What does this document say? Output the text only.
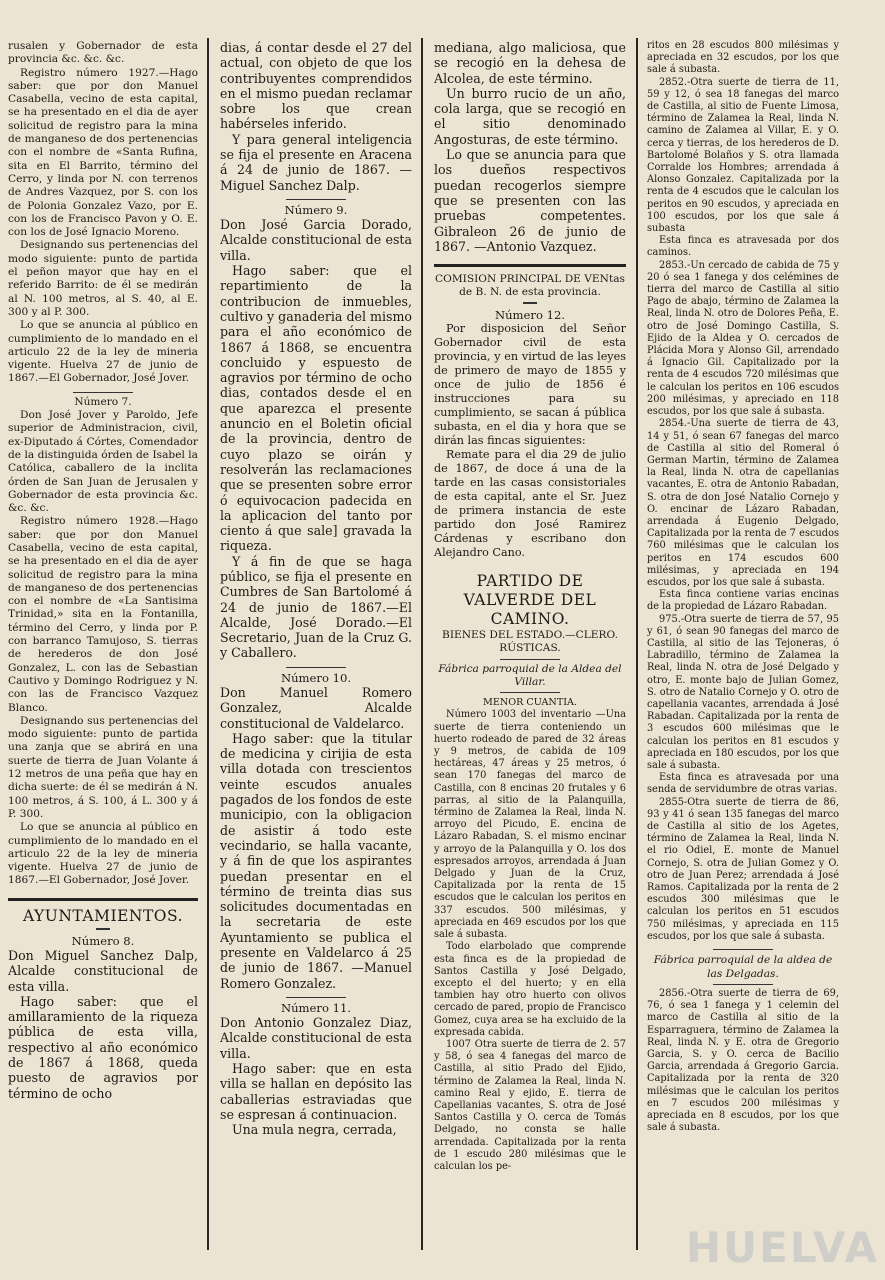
rusalen y Gobernador de esta provincia &c. &c. &c.

Registro número 1927.—Hago saber: que por don Manuel Casabella, vecino de esta capital, se ha presentado en el dia de ayer solicitud de registro para la mina de manganeso de dos pertenencias con el nombre de «Santa Rufina, sita en El Barrito, término del Cerro, y linda por N. con terrenos de Andres Vazquez, por S. con los de Polonia Gonzalez Vazo, por E. con los de Francisco Pavon y O. E. con los de José Ignacio Moreno.

Designando sus pertenencias del modo siguiente: punto de partida el peñon mayor que hay en el referido Barrito: de él se medirán al N. 100 metros, al S. 40, al E. 300 y al P. 300.

Lo que se anuncia al público en cumplimiento de lo mandado en el articulo 22 de la ley de mineria vigente. Huelva 27 de junio de 1867.—El Gobernador, José Jover.

Número 7.

Don José Jover y Paroldo, Jefe superior de Administracion, civil, ex-Diputado á Córtes, Comendador de la distinguida órden de Isabel la Católica, caballero de la inclita órden de San Juan de Jerusalen y Gobernador de esta provincia &c. &c. &c.

Registro número 1928.—Hago saber: que por don Manuel Casabella, vecino de esta capital, se ha presentado en el dia de ayer solicitud de registro para la mina de manganeso de dos pertenencias con el nombre de «La Santisima Trinidad,» sita en la Fontanilla, término del Cerro, y linda por P. con barranco Tamujoso, S. tierras de herederos de don José Gonzalez, L. con las de Sebastian Cautivo y Domingo Rodriguez y N. con las de Francisco Vazquez Blanco.

Designando sus pertenencias del modo siguiente: punto de partida una zanja que se abrirá en una suerte de tierra de Juan Volante á 12 metros de una peña que hay en dicha suerte: de él se medirán á N. 100 metros, á S. 100, á L. 300 y á P. 300.

Lo que se anuncia al público en cumplimiento de lo mandado en el articulo 22 de la ley de mineria vigente. Huelva 27 de junio de 1867.—El Gobernador, José Jover.

AYUNTAMIENTOS.

Número 8.

Don Miguel Sanchez Dalp, Alcalde constitucional de esta villa.

Hago saber: que el amillaramiento de la riqueza pública de esta villa, respectivo al año económico de 1867 á 1868, queda puesto de agravios por término de ocho

dias, á contar desde el 27 del actual, con objeto de que los contribuyentes comprendidos en el mismo puedan reclamar sobre los que crean habérseles inferido.

Y para general inteligencia se fija el presente en Aracena á 24 de junio de 1867. —Miguel Sanchez Dalp.

Número 9.

Don José Garcia Dorado, Alcalde constitucional de esta villa.

Hago saber: que el repartimiento de la contribucion de inmuebles, cultivo y ganaderia del mismo para el año económico de 1867 á 1868, se encuentra concluido y espuesto de agravios por término de ocho dias, contados desde el en que aparezca el presente anuncio en el Boletin oficial de la provincia, dentro de cuyo plazo se oirán y resolverán las reclamaciones que se presenten sobre error ó equivocacion padecida en la aplicacion del tanto por ciento á que sale] gravada la riqueza.

Y á fin de que se haga público, se fija el presente en Cumbres de San Bartolomé á 24 de junio de 1867.—El Alcalde, José Dorado.—El Secretario, Juan de la Cruz G. y Caballero.

Número 10.

Don Manuel Romero Gonzalez, Alcalde constitucional de Valdelarco.

Hago saber: que la titular de medicina y cirijia de esta villa dotada con trescientos veinte escudos anuales pagados de los fondos de este municipio, con la obligacion de asistir á todo este vecindario, se halla vacante, y á fin de que los aspirantes puedan presentar en el término de treinta dias sus solicitudes documentadas en la secretaria de este Ayuntamiento se publica el presente en Valdelarco á 25 de junio de 1867. —Manuel Romero Gonzalez.

Número 11.

Don Antonio Gonzalez Diaz, Alcalde constitucional de esta villa.

Hago saber: que en esta villa se hallan en depósito las caballerias estraviadas que se espresan á continuacion.

Una mula negra, cerrada,

mediana, algo maliciosa, que se recogió en la dehesa de Alcolea, de este término.

Un burro rucio de un año, cola larga, que se recogió en el sitio denominado Angosturas, de este término.

Lo que se anuncia para que los dueños respectivos puedan recogerlos siempre que se presenten con las pruebas competentes. Gibraleon 26 de junio de 1867. —Antonio Vazquez.

COMISION PRINCIPAL DE VENtas de B. N. de esta provincia.

Número 12.

Por disposicion del Señor Gobernador civil de esta provincia, y en virtud de las leyes de primero de mayo de 1855 y once de julio de 1856 é instrucciones para su cumplimiento, se sacan á pública subasta, en el dia y hora que se dirán las fincas siguientes:

Remate para el dia 29 de julio de 1867, de doce á una de la tarde en las casas consistoriales de esta capital, ante el Sr. Juez de primera instancia de este partido don José Ramirez Cárdenas y escribano don Alejandro Cano.

PARTIDO DE VALVERDE DEL CAMINO.

BIENES DEL ESTADO.—CLERO. RÚSTICAS.

Fábrica parroquial de la Aldea del Villar.

MENOR CUANTIA.

Número 1003 del inventario —Una suerte de tierra conteniendo un huerto rodeado de pared de 32 áreas y 9 metros, de cabida de 109 hectáreas, 47 áreas y 25 metros, ó sean 170 fanegas del marco de Castilla, con 8 encinas 20 frutales y 6 parras, al sitio de la Palanquilla, término de Zalamea la Real, linda N. arroyo del Picudo, E. encina de Lázaro Rabadan, S. el mismo encinar y arroyo de la Palanquilla y O. los dos espresados arroyos, arrendada á Juan Delgado y Juan de la Cruz, Capitalizada por la renta de 15 escudos que le calculan los peritos en 337 escudos. 500 milésimas, y apreciada en 469 escudos por los que sale á subasta.

Todo elarbolado que comprende esta finca es de la propiedad de Santos Castilla y José Delgado, excepto el del huerto; y en ella tambien hay otro huerto con olivos cercado de pared, propio de Francisco Gomez, cuya area se ha excluido de la expresada cabida.

1007 Otra suerte de tierra de 2. 57 y 58, ó sea 4 fanegas del marco de Castilla, al sitio Prado del Ejido, término de Zalamea la Real, linda N. camino Real y ejido, E. tierra de Capellanias vacantes, S. otra de José Santos Castilla y O. cerca de Tomás Delgado, no consta se halle arrendada. Capitalizada por la renta de 1 escudo 280 milésimas que le calculan los pe-

ritos en 28 escudos 800 milésimas y apreciada en 32 escudos, por los que sale á subasta.

2852.-Otra suerte de tierra de 11, 59 y 12, ó sea 18 fanegas del marco de Castilla, al sitio de Fuente Limosa, término de Zalamea la Real, linda N. camino de Zalamea al Villar, E. y O. cerca y tierras, de los herederos de D. Bartolomé Bolaños y S. otra llamada Corralde los Hombres; arrendada á Alonso Gonzalez. Capitalizada por la renta de 4 escudos que le calculan los peritos en 90 escudos, y apreciada en 100 escudos, por los que sale á subasta

Esta finca es atravesada por dos caminos.

2853.-Un cercado de cabida de 75 y 20 ó sea 1 fanega y dos celémines de tierra del marco de Castilla al sitio Pago de abajo, término de Zalamea la Real, linda N. otro de Dolores Peña, E. otro de José Domingo Castilla, S. Ejido de la Aldea y O. cercados de Plácida Mora y Alonso Gil, arrendado á Ignacio Gil. Capitalizado por la renta de 4 escudos 720 milésimas que le calculan los peritos en 106 escudos 200 milésimas, y apreciado en 118 escudos, por los que sale á subasta.

2854.-Una suerte de tierra de 43, 14 y 51, ó sean 67 fanegas del marco de Castilla al sitio del Romeral ó German Martin, término de Zalamea la Real, linda N. otra de capellanias vacantes, E. otra de Antonio Rabadan, S. otra de don José Natalio Cornejo y O. encinar de Lázaro Rabadan, arrendada á Eugenio Delgado, Capitalizada por la renta de 7 escudos 760 milésimas que le calculan los peritos en 174 escudos 600 milésimas, y apreciada en 194 escudos, por los que sale á subasta.

Esta finca contiene varias encinas de la propiedad de Lázaro Rabadan.

975.-Otra suerte de tierra de 57, 95 y 61, ó sean 90 fanegas del marco de Castilla, al sitio de las Tejoneras, ó Labradillo, término de Zalamea la Real, linda N. otra de José Delgado y otro, E. monte bajo de Julian Gomez, S. otro de Natalio Cornejo y O. otro de capellania vacantes, arrendada á José Rabadan. Capitalizada por la renta de 3 escudos 600 milésimas que le calculan los peritos en 81 escudos y apreciada en 180 escudos, por los que sale á subasta.

Esta finca es atravesada por una senda de servidumbre de otras varias.

2855-Otra suerte de tierra de 86, 93 y 41 ó sean 135 fanegas del marco de Castilla al sitio de los Agetes, término de Zalamea la Real, linda N. el rio Odiel, E. monte de Manuel Cornejo, S. otra de Julian Gomez y O. otro de Juan Perez; arrendada á José Ramos. Capitalizada por la renta de 2 escudos 300 milésimas que le calculan los peritos en 51 escudos 750 milésimas, y apreciada en 115 escudos, por los que sale á subasta.

Fábrica parroquial de la aldea de las Delgadas.

2856.-Otra suerte de tierra de 69, 76, ó sea 1 fanega y 1 celemin del marco de Castilla al sitio de la Esparraguera, término de Zalamea la Real, linda N. y E. otra de Gregorio Garcia, S. y O. cerca de Bacilio Garcia, arrendada á Gregorio Garcia. Capitalizada por la renta de 320 milésimas que le calculan los peritos en 7 escudos 200 milésimas y apreciada en 8 escudos, por los que sale á subasta.

HUELVA
